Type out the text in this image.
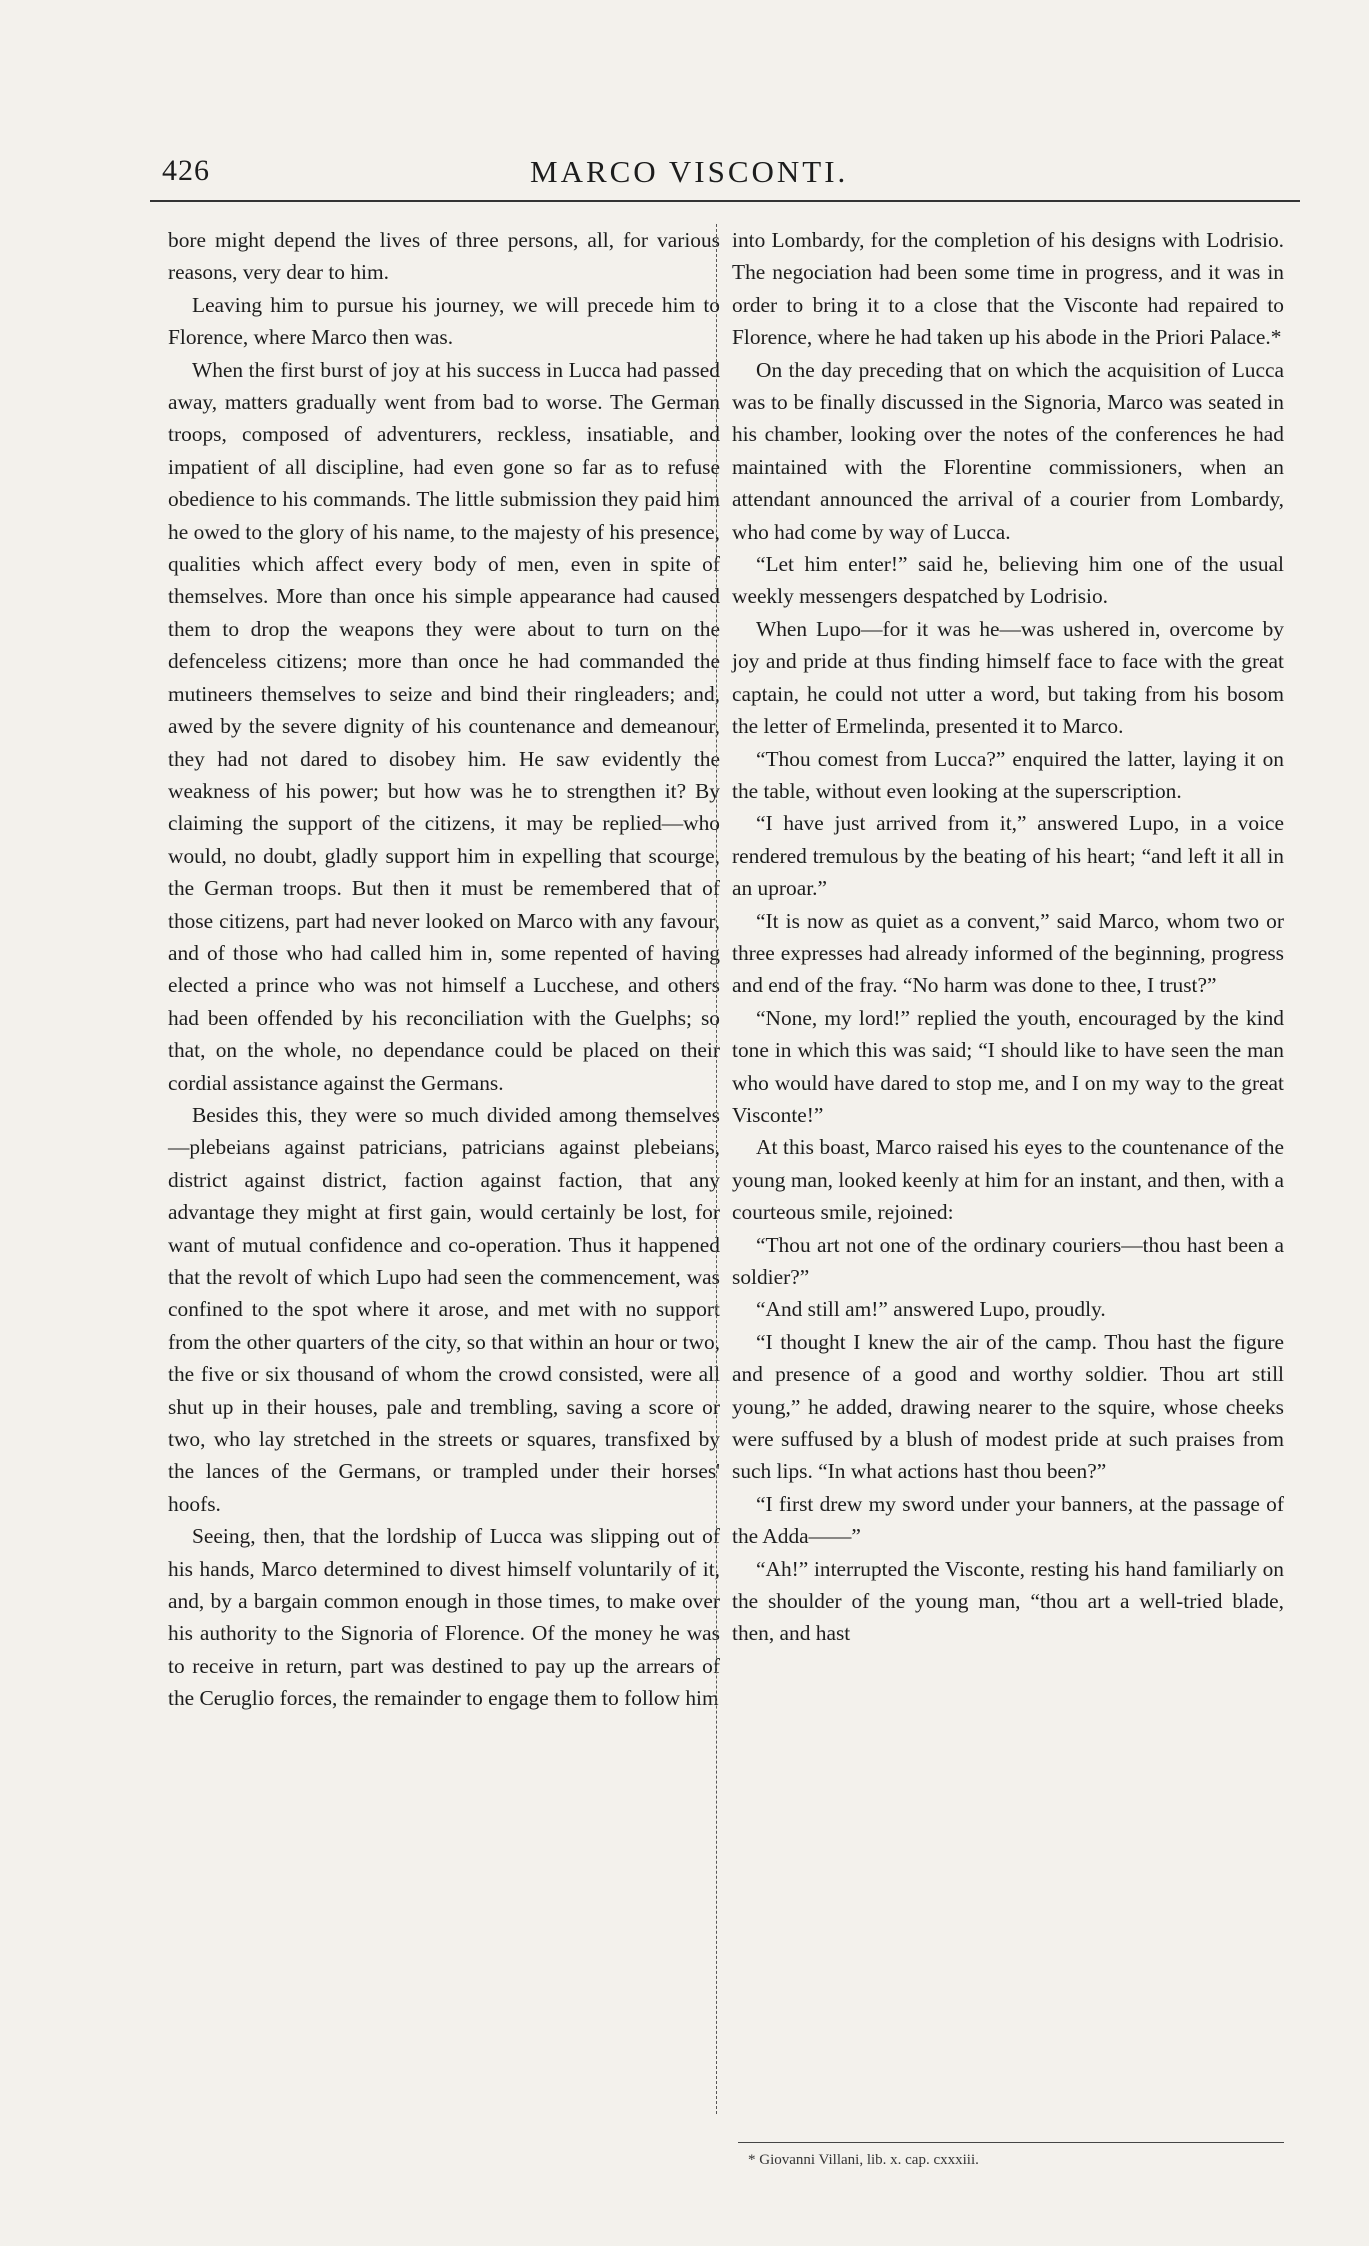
426	MARCO VISCONTI.

bore might depend the lives of three persons, all, for various reasons, very dear to him.

Leaving him to pursue his journey, we will precede him to Florence, where Marco then was.

When the first burst of joy at his success in Lucca had passed away, matters gradually went from bad to worse. The German troops, composed of adventurers, reckless, insatiable, and impatient of all discipline, had even gone so far as to refuse obedience to his commands. The little submission they paid him he owed to the glory of his name, to the majesty of his presence, qualities which affect every body of men, even in spite of themselves. More than once his simple appearance had caused them to drop the weapons they were about to turn on the defenceless citizens; more than once he had commanded the mutineers themselves to seize and bind their ringleaders; and, awed by the severe dignity of his countenance and demeanour, they had not dared to disobey him. He saw evidently the weakness of his power; but how was he to strengthen it? By claiming the support of the citizens, it may be replied—who would, no doubt, gladly support him in expelling that scourge, the German troops. But then it must be remembered that of those citizens, part had never looked on Marco with any favour, and of those who had called him in, some repented of having elected a prince who was not himself a Lucchese, and others had been offended by his reconciliation with the Guelphs; so that, on the whole, no dependance could be placed on their cordial assistance against the Germans.

Besides this, they were so much divided among themselves—plebeians against patricians, patricians against plebeians, district against district, faction against faction, that any advantage they might at first gain, would certainly be lost, for want of mutual confidence and co-operation. Thus it happened that the revolt of which Lupo had seen the commencement, was confined to the spot where it arose, and met with no support from the other quarters of the city, so that within an hour or two, the five or six thousand of whom the crowd consisted, were all shut up in their houses, pale and trembling, saving a score or two, who lay stretched in the streets or squares, transfixed by the lances of the Germans, or trampled under their horses' hoofs.

Seeing, then, that the lordship of Lucca was slipping out of his hands, Marco determined to divest himself voluntarily of it, and, by a bargain common enough in those times, to make over his authority to the Signoria of Florence. Of the money he was to receive in return, part was destined to pay up the arrears of the Ceruglio forces, the remainder to engage them to follow him

into Lombardy, for the completion of his designs with Lodrisio. The negociation had been some time in progress, and it was in order to bring it to a close that the Visconte had repaired to Florence, where he had taken up his abode in the Priori Palace.*

On the day preceding that on which the acquisition of Lucca was to be finally discussed in the Signoria, Marco was seated in his chamber, looking over the notes of the conferences he had maintained with the Florentine commissioners, when an attendant announced the arrival of a courier from Lombardy, who had come by way of Lucca.

“Let him enter!” said he, believing him one of the usual weekly messengers despatched by Lodrisio.

When Lupo—for it was he—was ushered in, overcome by joy and pride at thus finding himself face to face with the great captain, he could not utter a word, but taking from his bosom the letter of Ermelinda, presented it to Marco.

“Thou comest from Lucca?” enquired the latter, laying it on the table, without even looking at the superscription.

“I have just arrived from it,” answered Lupo, in a voice rendered tremulous by the beating of his heart; “and left it all in an uproar.”

“It is now as quiet as a convent,” said Marco, whom two or three expresses had already informed of the beginning, progress and end of the fray. “No harm was done to thee, I trust?”

“None, my lord!” replied the youth, encouraged by the kind tone in which this was said; “I should like to have seen the man who would have dared to stop me, and I on my way to the great Visconte!”

At this boast, Marco raised his eyes to the countenance of the young man, looked keenly at him for an instant, and then, with a courteous smile, rejoined:

“Thou art not one of the ordinary couriers—thou hast been a soldier?”

“And still am!” answered Lupo, proudly.

“I thought I knew the air of the camp. Thou hast the figure and presence of a good and worthy soldier. Thou art still young,” he added, drawing nearer to the squire, whose cheeks were suffused by a blush of modest pride at such praises from such lips. “In what actions hast thou been?”

“I first drew my sword under your banners, at the passage of the Adda——”

“Ah!” interrupted the Visconte, resting his hand familiarly on the shoulder of the young man, “thou art a well-tried blade, then, and hast

* Giovanni Villani, lib. x. cap. cxxxiii.
